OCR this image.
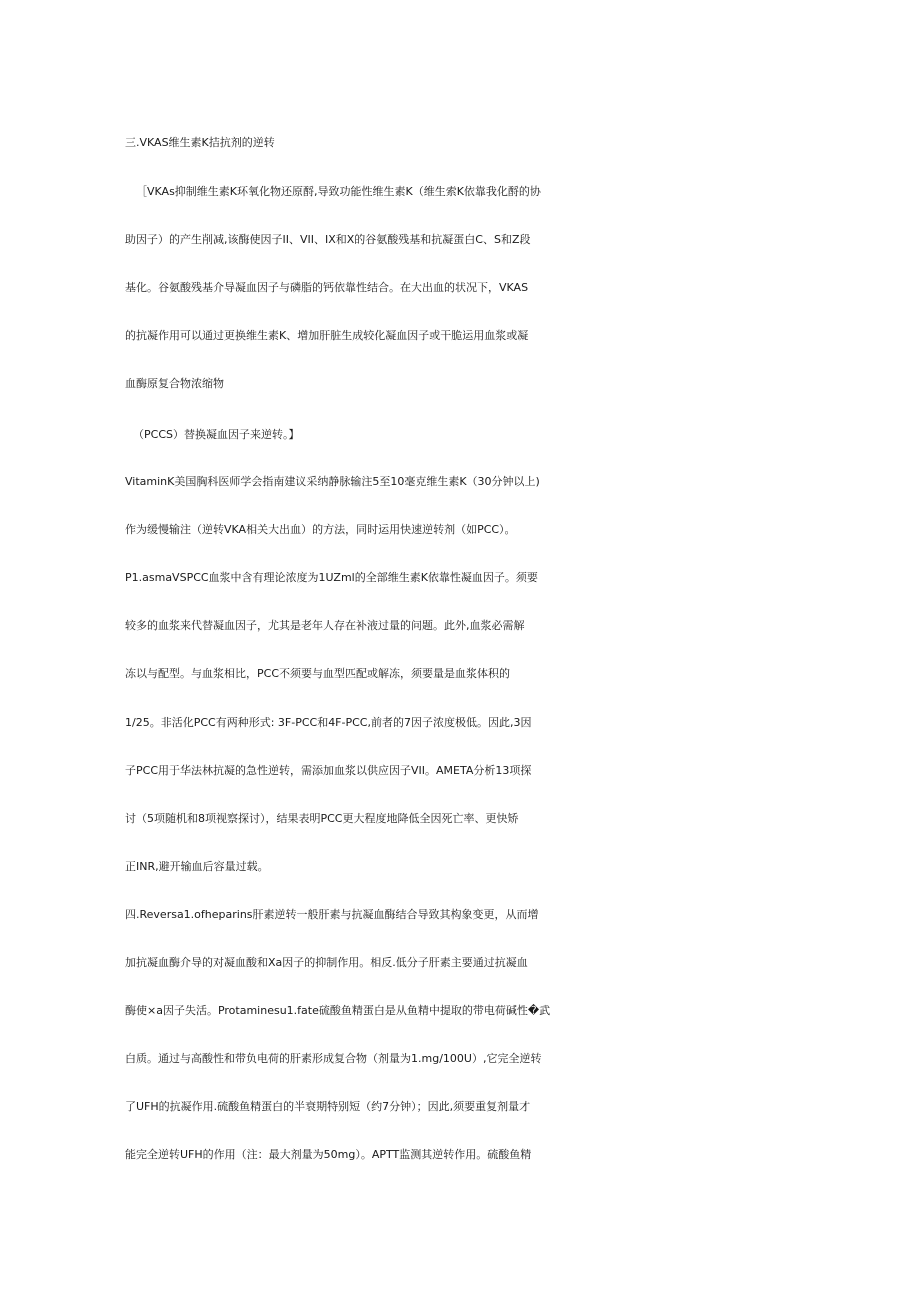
三.VKAS维生素K拮抗剂的逆转
［VKAs抑制维生素K环氧化物还原酹,导致功能性维生素K（维生索K依靠我化酹的协
助因子）的产生削减,该酶使因子II、VII、IX和X的谷氨酸残基和抗凝蛋白C、S和Z段
基化。谷氨酸残基介导凝血因子与磷脂的钙依靠性结合。在大出血的状况下，VKAS
的抗凝作用可以通过更换维生素K、增加肝脏生成较化凝血因子或干脆运用血浆或凝
血酶原复合物浓缩物
（PCCS）替换凝血因子来逆转。】
VitaminK美国胸科医师学会指南建议采纳静脉输注5至10毫克维生素K（30分钟以上)
作为缓慢输注（逆转VKA相关大出血）的方法，同时运用快速逆转剂（如PCC）。
P1.asmaVSPCC血浆中含有理论浓度为1UZml的全部维生素K依靠性凝血因子。须要
较多的血浆来代替凝血因子，尤其是老年人存在补液过量的问题。此外,血浆必需解
冻以与配型。与血浆相比，PCC不须要与血型匹配或解冻，须要量是血浆体积的
1/25。非活化PCC有两种形式: 3F-PCC和4F-PCC,前者的7因子浓度极低。因此,3因
子PCC用于华法林抗凝的急性逆转，需添加血浆以供应因子VII。AMETA分析13项探
讨（5项随机和8项视察探讨），结果表明PCC更大程度地降低全因死亡率、更快矫
正INR,避开输血后容量过载。
四.Reversa1.ofheparins肝素逆转一般肝素与抗凝血酶结合导致其构象变更，从而增
加抗凝血酶介导的对凝血酸和Xa因子的抑制作用。相反.低分子肝素主要通过抗凝血
酶使×a因子失活。Protaminesu1.fate硫酸鱼精蛋白是从鱼精中提取的带电荷碱性�武
白质。通过与高酸性和带负电荷的肝素形成复合物（剂量为1.mg∕100U）,它完全逆转
了UFH的抗凝作用.硫酸鱼精蛋白的半衰期特别短（约7分钟）；因此,须要重复剂量才
能完全逆转UFH的作用（注：最大剂量为50mg）。APTT监测其逆转作用。硫酸鱼精
